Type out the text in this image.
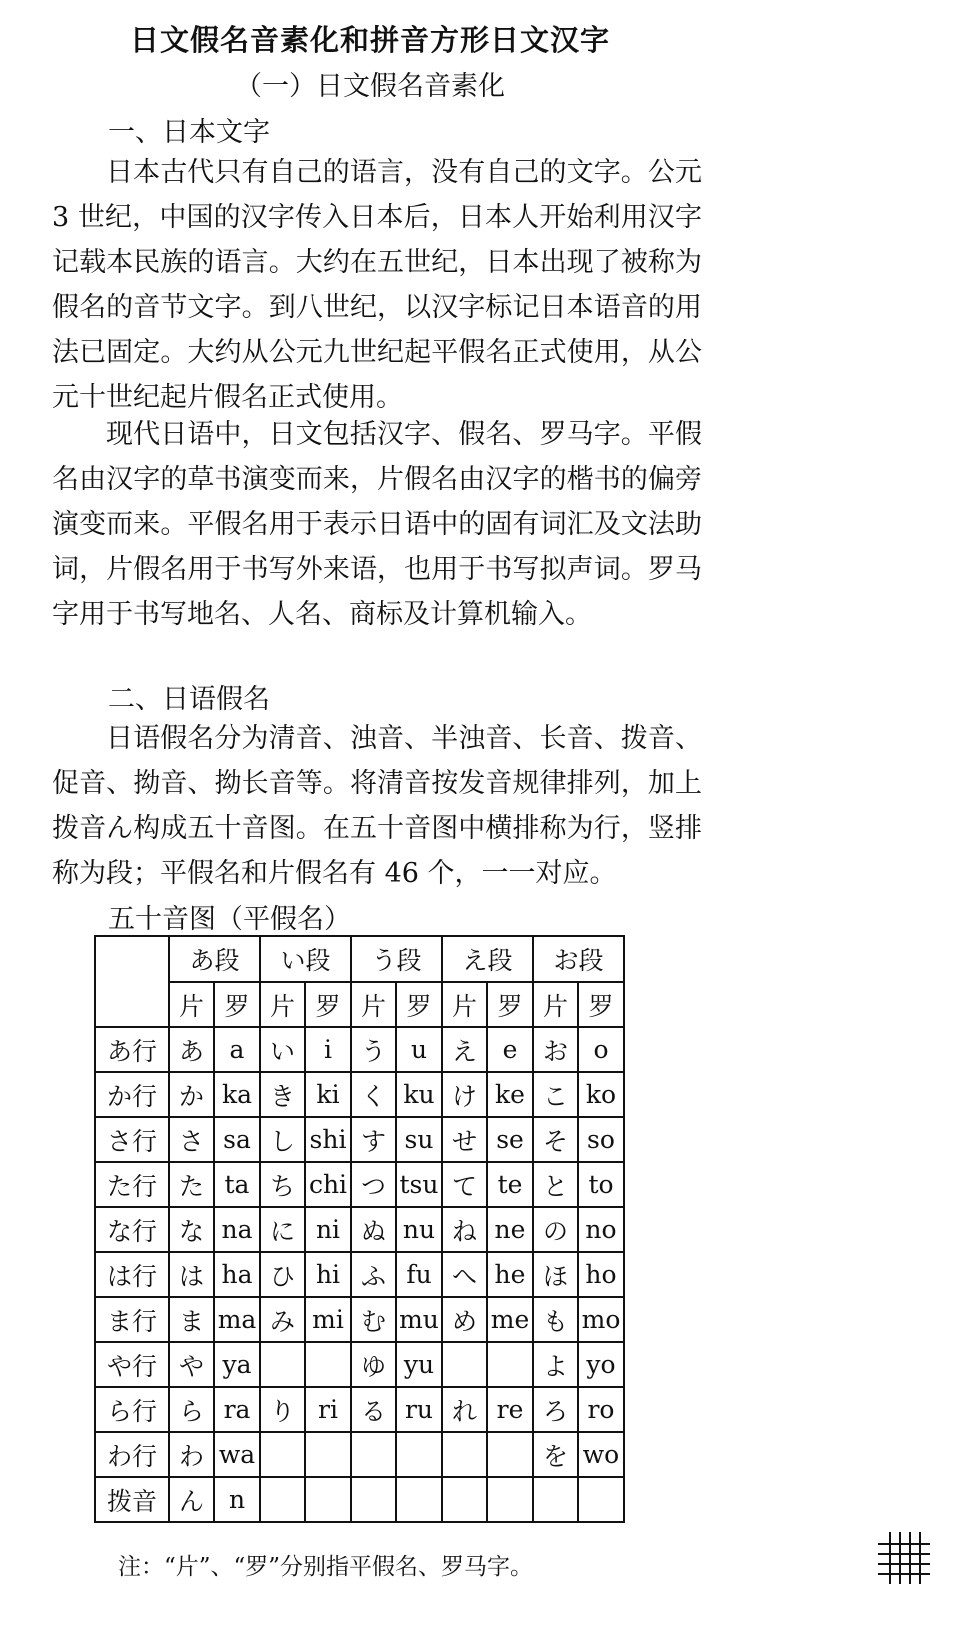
日文假名音素化和拼音方形日文汉字
（一）日文假名音素化
一、日本文字

日本古代只有自己的语言，没有自己的文字。公元 3 世纪，中国的汉字传入日本后，日本人开始利用汉字记载本民族的语言。大约在五世纪，日本出现了被称为假名的音节文字。到八世纪，以汉字标记日本语音的用法已固定。大约从公元九世纪起平假名正式使用，从公元十世纪起片假名正式使用。

现代日语中，日文包括汉字、假名、罗马字。平假名由汉字的草书演变而来，片假名由汉字的楷书的偏旁演变而来。平假名用于表示日语中的固有词汇及文法助词，片假名用于书写外来语，也用于书写拟声词。罗马字用于书写地名、人名、商标及计算机输入。

二、日语假名

日语假名分为清音、浊音、半浊音、长音、拨音、促音、拗音、拗长音等。将清音按发音规律排列，加上拨音ん构成五十音图。在五十音图中横排称为行，竖排称为段；平假名和片假名有 46 个，一一对应。

五十音图（平假名）
	あ段		い段		う段		え段		お段	
	片	罗	片	罗	片	罗	片	罗	片	罗
あ行	あ	a	い	i	う	u	え	e	お	o
か行	か	ka	き	ki	く	ku	け	ke	こ	ko
さ行	さ	sa	し	shi	す	su	せ	se	そ	so
た行	た	ta	ち	chi	つ	tsu	て	te	と	to
な行	な	na	に	ni	ぬ	nu	ね	ne	の	no
は行	は	ha	ひ	hi	ふ	fu	へ	he	ほ	ho
ま行	ま	ma	み	mi	む	mu	め	me	も	mo
や行	や	ya			ゆ	yu			よ	yo
ら行	ら	ra	り	ri	る	ru	れ	re	ろ	ro
わ行	わ	wa							を	wo
拨音	ん	n								
注：“片”、“罗”分别指平假名、罗马字。
